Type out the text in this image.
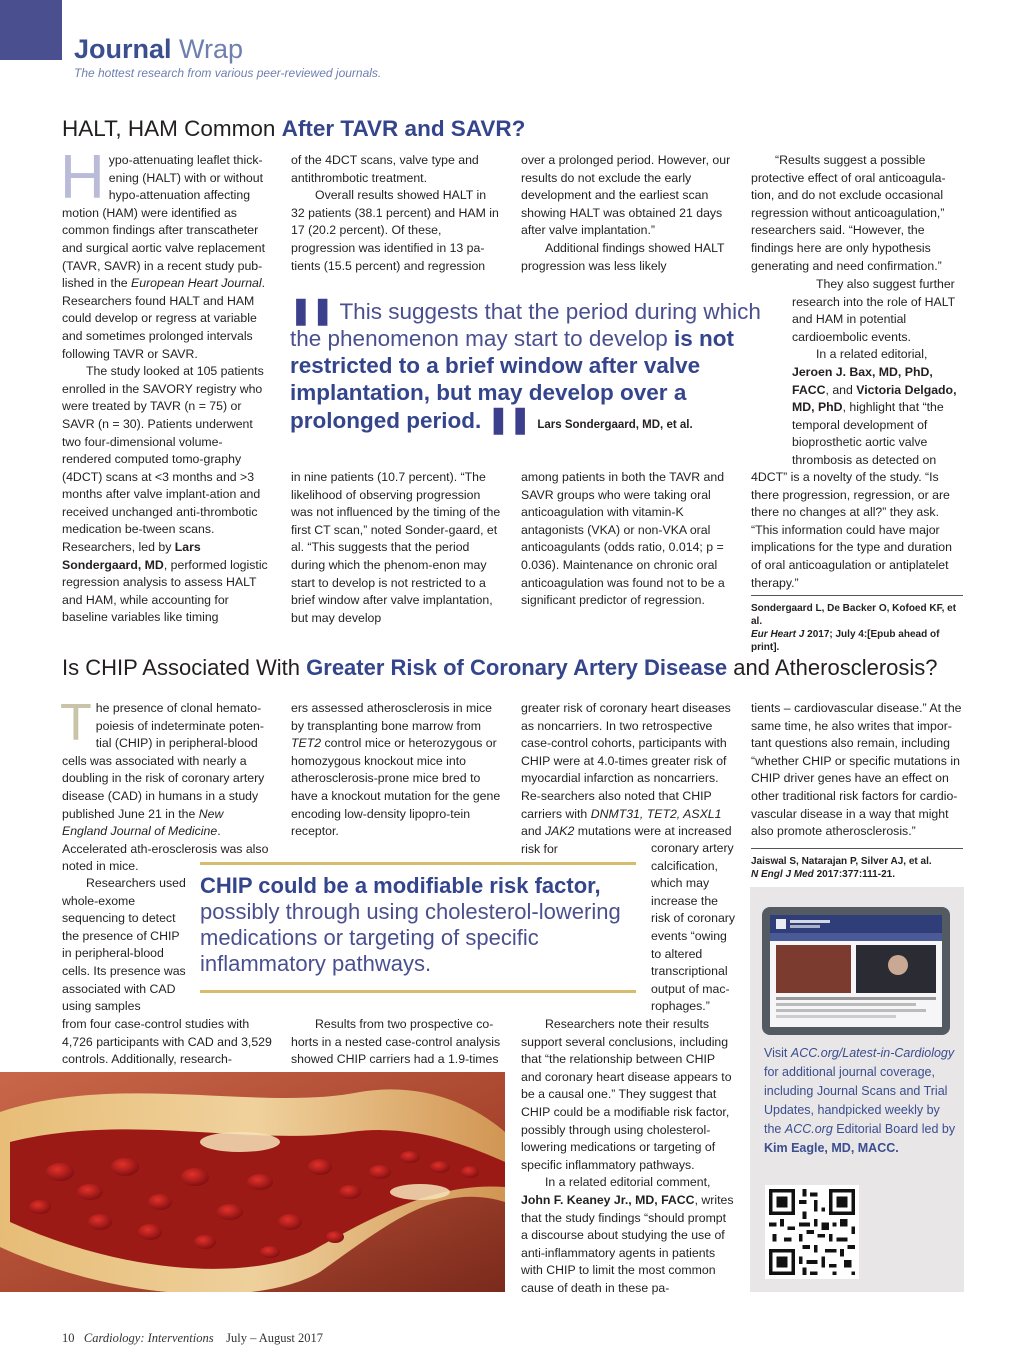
Journal Wrap
The hottest research from various peer-reviewed journals.
HALT, HAM Common After TAVR and SAVR?

Hypo-attenuating leaflet thick-ening (HALT) with or without hypo-attenuation affecting motion (HAM) were identified as common findings after transcatheter and surgical aortic valve replacement (TAVR, SAVR) in a recent study pub-lished in the European Heart Journal. Researchers found HALT and HAM could develop or regress at variable and sometimes prolonged intervals following TAVR or SAVR.

The study looked at 105 patients enrolled in the SAVORY registry who were treated by TAVR (n = 75) or SAVR (n = 30). Patients underwent two four-dimensional volume-rendered computed tomo-graphy (4DCT) scans at <3 months and >3 months after valve implant-ation and received unchanged anti-thrombotic medication be-tween scans. Researchers, led by Lars Sondergaard, MD, performed logistic regression analysis to assess HALT and HAM, while accounting for baseline variables like timing

of the 4DCT scans, valve type and antithrombotic treatment.

Overall results showed HALT in 32 patients (38.1 percent) and HAM in 17 (20.2 percent). Of these, progression was identified in 13 pa-tients (15.5 percent) and regression

in nine patients (10.7 percent). “The likelihood of observing progression was not influenced by the timing of the first CT scan,” noted Sonder-gaard, et al. “This suggests that the period during which the phenom-enon may start to develop is not restricted to a brief window after valve implantation, but may develop

over a prolonged period. However, our results do not exclude the early development and the earliest scan showing HALT was obtained 21 days after valve implantation.”

Additional findings showed HALT progression was less likely

among patients in both the TAVR and SAVR groups who were taking oral anticoagulation with vitamin-K antagonists (VKA) or non-VKA oral anticoagulants (odds ratio, 0.014; p = 0.036). Maintenance on chronic oral anticoagulation was found not to be a significant predictor of regression.

“Results suggest a possible protective effect of oral anticoagula-tion, and do not exclude occasional regression without anticoagulation,” researchers said. “However, the findings here are only hypothesis generating and need confirmation.”

They also suggest further research into the role of HALT and HAM in potential cardioembolic events.

In a related editorial, Jeroen J. Bax, MD, PhD, FACC, and Victoria Delgado, MD, PhD, highlight that “the temporal development of bioprosthetic aortic valve thrombosis as detected on

4DCT” is a novelty of the study. “Is there progression, regression, or are there no changes at all?” they ask. “This information could have major implications for the type and duration of oral anticoagulation or antiplatelet therapy.”
Sondergaard L, De Backer O, Kofoed KF, et al.
Eur Heart J 2017; July 4:[Epub ahead of print].
❚❚ This suggests that the period during which the phenomenon may start to develop is not restricted to a brief window after valve implantation, but may develop over a prolonged period. ❚❚ Lars Sondergaard, MD, et al.
Is CHIP Associated With Greater Risk of Coronary Artery Disease and Atherosclerosis?

The presence of clonal hemato-poiesis of indeterminate poten-tial (CHIP) in peripheral-blood cells was associated with nearly a doubling in the risk of coronary artery disease (CAD) in humans in a study published June 21 in the New England Journal of Medicine. Accelerated ath-erosclerosis was also noted in mice.

Researchers used whole-exome sequencing to detect the presence of CHIP in peripheral-blood cells. Its presence was associated with CAD using samples

from four case-control studies with 4,726 participants with CAD and 3,529 controls. Additionally, research-

ers assessed atherosclerosis in mice by transplanting bone marrow from TET2 control mice or heterozygous or homozygous knockout mice into atherosclerosis-prone mice bred to have a knockout mutation for the gene encoding low-density lipopro-tein receptor.

Results from two prospective co-horts in a nested case-control analysis showed CHIP carriers had a 1.9-times

greater risk of coronary heart diseases as noncarriers. In two retrospective case-control cohorts, participants with CHIP were at 4.0-times greater risk of myocardial infarction as noncarriers. Re-searchers also noted that CHIP carriers with DNMT31, TET2, ASXL1 and JAK2 mutations were at increased risk for	coronary artery calcification, which may increase the risk of coronary events “owing to altered transcriptional output of mac-rophages.”

Researchers note their results support several conclusions, including that “the relationship between CHIP and coronary heart disease appears to be a causal one.” They suggest that CHIP could be a modifiable risk factor, possibly through using cholesterol-lowering medications or targeting of specific inflammatory pathways.

In a related editorial comment, John F. Keaney Jr., MD, FACC, writes that the study findings “should prompt a discourse about studying the use of anti-inflammatory agents in patients with CHIP to limit the most common cause of death in these pa-

tients – cardiovascular disease.” At the same time, he also writes that impor-tant questions also remain, including “whether CHIP or specific mutations in CHIP driver genes have an effect on other traditional risk factors for cardio-vascular disease in a way that might also promote atherosclerosis.”
Jaiswal S, Natarajan P, Silver AJ, et al.
N Engl J Med 2017:377:111-21.
CHIP could be a modifiable risk factor, possibly through using cholesterol-lowering medications or targeting of specific inflammatory pathways.
Visit ACC.org/Latest-in-Cardiology for additional journal coverage, including Journal Scans and Trial Updates, handpicked weekly by the ACC.org Editorial Board led by Kim Eagle, MD, MACC.
10 Cardiology: Interventions July – August 2017
